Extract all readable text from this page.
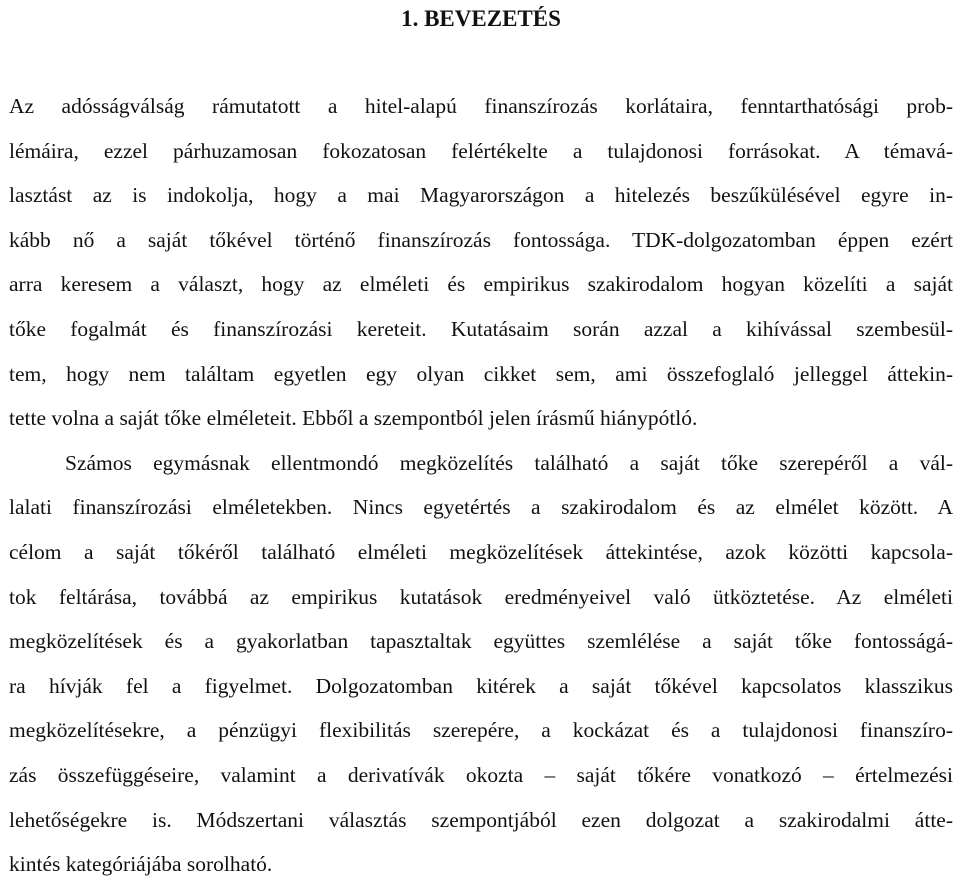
1. BEVEZETÉS
Az adósságválság rámutatott a hitel-alapú finanszírozás korlátaira, fenntarthatósági prob-
lémáira, ezzel párhuzamosan fokozatosan felértékelte a tulajdonosi forrásokat. A témavá-
lasztást az is indokolja, hogy a mai Magyarországon a hitelezés beszűkülésével egyre in-
kább nő a saját tőkével történő finanszírozás fontossága. TDK-dolgozatomban éppen ezért
arra keresem a választ, hogy az elméleti és empirikus szakirodalom hogyan közelíti a saját
tőke fogalmát és finanszírozási kereteit. Kutatásaim során azzal a kihívással szembesül-
tem, hogy nem találtam egyetlen egy olyan cikket sem, ami összefoglaló jelleggel áttekin-
tette volna a saját tőke elméleteit. Ebből a szempontból jelen írásmű hiánypótló.
Számos egymásnak ellentmondó megközelítés található a saját tőke szerepéről a vál-
lalati finanszírozási elméletekben. Nincs egyetértés a szakirodalom és az elmélet között. A
célom a saját tőkéről található elméleti megközelítések áttekintése, azok közötti kapcsola-
tok feltárása, továbbá az empirikus kutatások eredményeivel való ütköztetése. Az elméleti
megközelítések és a gyakorlatban tapasztaltak együttes szemlélése a saját tőke fontosságá-
ra hívják fel a figyelmet. Dolgozatomban kitérek a saját tőkével kapcsolatos klasszikus
megközelítésekre, a pénzügyi flexibilitás szerepére, a kockázat és a tulajdonosi finanszíro-
zás összefüggéseire, valamint a derivatívák okozta – saját tőkére vonatkozó – értelmezési
lehetőségekre is. Módszertani választás szempontjából ezen dolgozat a szakirodalmi átte-
kintés kategóriájába sorolható.
